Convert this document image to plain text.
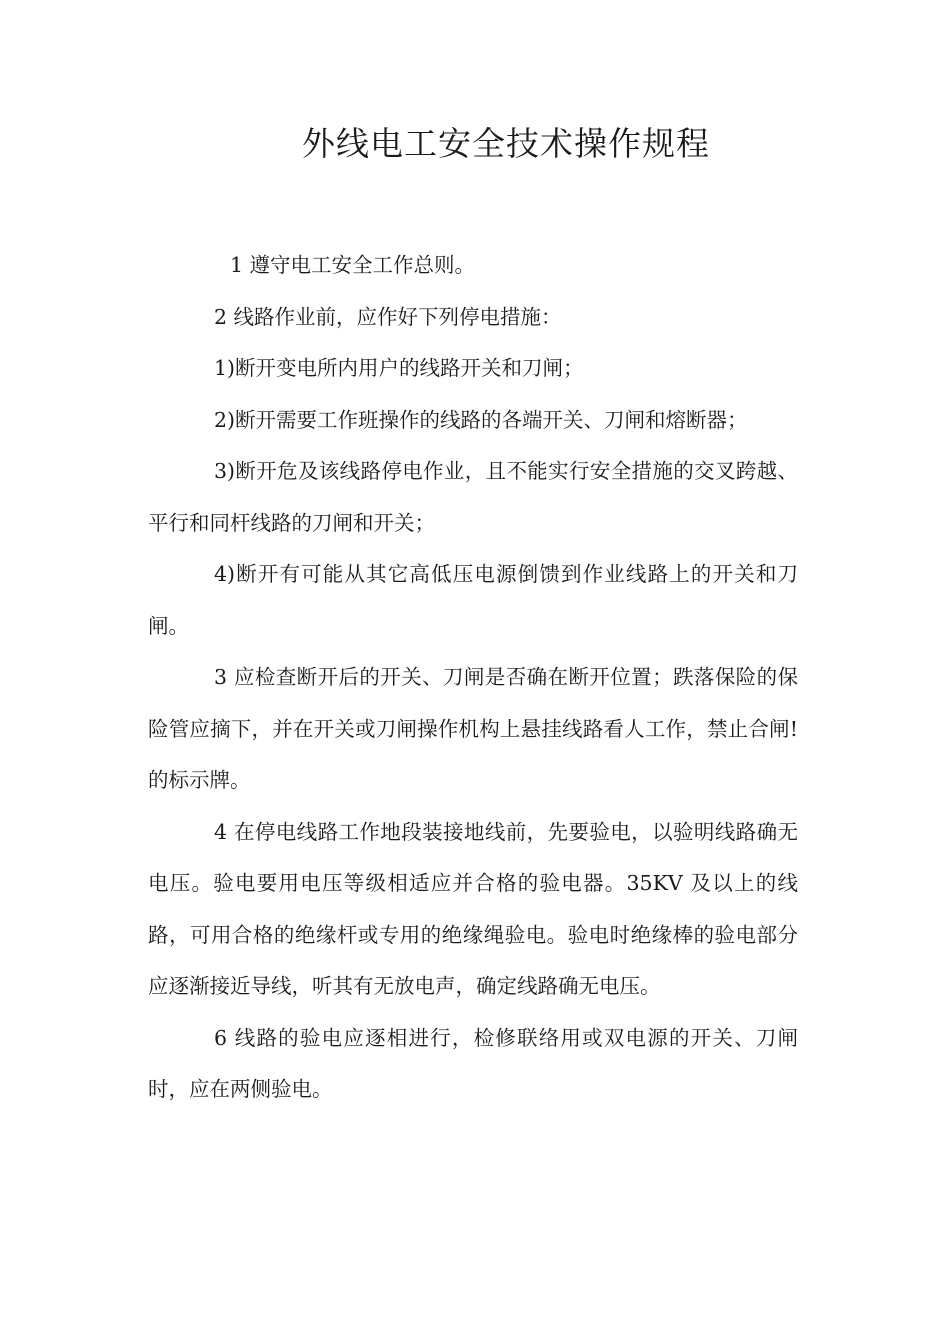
外线电工安全技术操作规程

1 遵守电工安全工作总则。

2 线路作业前，应作好下列停电措施：

1)断开变电所内用户的线路开关和刀闸；

2)断开需要工作班操作的线路的各端开关、刀闸和熔断器；

3)断开危及该线路停电作业，且不能实行安全措施的交叉跨越、平行和同杆线路的刀闸和开关；

4)断开有可能从其它高低压电源倒馈到作业线路上的开关和刀闸。

3 应检查断开后的开关、刀闸是否确在断开位置；跌落保险的保险管应摘下，并在开关或刀闸操作机构上悬挂线路看人工作，禁止合闸!的标示牌。

4 在停电线路工作地段装接地线前，先要验电，以验明线路确无电压。验电要用电压等级相适应并合格的验电器。35KV 及以上的线路，可用合格的绝缘杆或专用的绝缘绳验电。验电时绝缘棒的验电部分应逐渐接近导线，听其有无放电声，确定线路确无电压。

6 线路的验电应逐相进行，检修联络用或双电源的开关、刀闸时，应在两侧验电。
